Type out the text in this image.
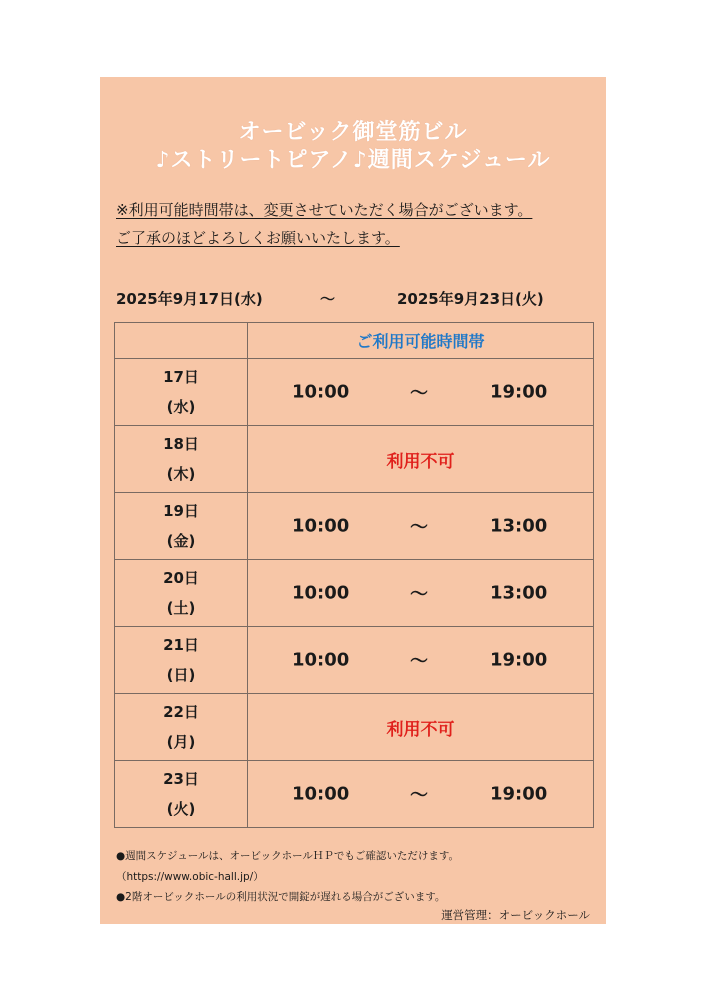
オービック御堂筋ビル
♪ストリートピアノ♪週間スケジュール
※利用可能時間帯は、変更させていただく場合がございます。
ご了承のほどよろしくお願いいたします。
2025年9月17日(水)	～	2025年9月23日(火)
	ご利用可能時間帯

17日
(水)	10:00 ～ 19:00

18日
(木)	利用不可

19日
(金)	10:00 ～ 13:00

20日
(土)	10:00 ～ 13:00

21日
(日)	10:00 ～ 19:00

22日
(月)	利用不可

23日
(火)	10:00 ～ 19:00
●週間スケジュールは、オービックホールＨＰでもご確認いただけます。
（https://www.obic-hall.jp/）
●2階オービックホールの利用状況で開錠が遅れる場合がございます。
運営管理：オービックホール
